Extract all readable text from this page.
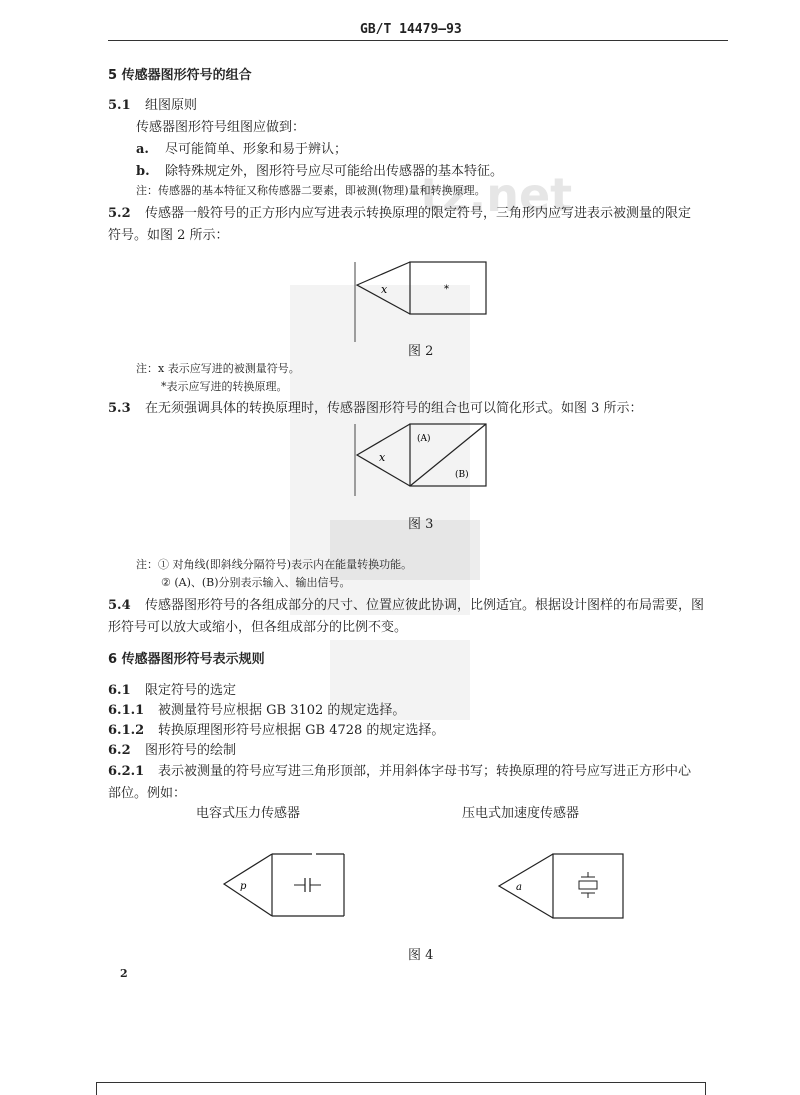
tz.net
GB/T 14479—93
5 传感器图形符号的组合
5.1 组图原则
传感器图形符号组图应做到：
a. 尽可能简单、形象和易于辨认；
b. 除特殊规定外，图形符号应尽可能给出传感器的基本特征。
注：传感器的基本特征又称传感器二要素，即被测(物理)量和转换原理。
5.2 传感器一般符号的正方形内应写进表示转换原理的限定符号，三角形内应写进表示被测量的限定
符号。如图 2 所示：
x	*
图 2
注：x 表示应写进的被测量符号。
*表示应写进的转换原理。
5.3 在无须强调具体的转换原理时，传感器图形符号的组合也可以简化形式。如图 3 所示：
x
(A)
(B)
图 3
注：① 对角线(即斜线分隔符号)表示内在能量转换功能。
② (A)、(B)分别表示输入、输出信号。
5.4 传感器图形符号的各组成部分的尺寸、位置应彼此协调，比例适宜。根据设计图样的布局需要，图
形符号可以放大或缩小，但各组成部分的比例不变。
6 传感器图形符号表示规则
6.1 限定符号的选定
6.1.1 被测量符号应根据 GB 3102 的规定选择。
6.1.2 转换原理图形符号应根据 GB 4728 的规定选择。
6.2 图形符号的绘制
6.2.1 表示被测量的符号应写进三角形顶部，并用斜体字母书写；转换原理的符号应写进正方形中心
部位。例如：
电容式压力传感器	压电式加速度传感器
p	a
图 4
2
